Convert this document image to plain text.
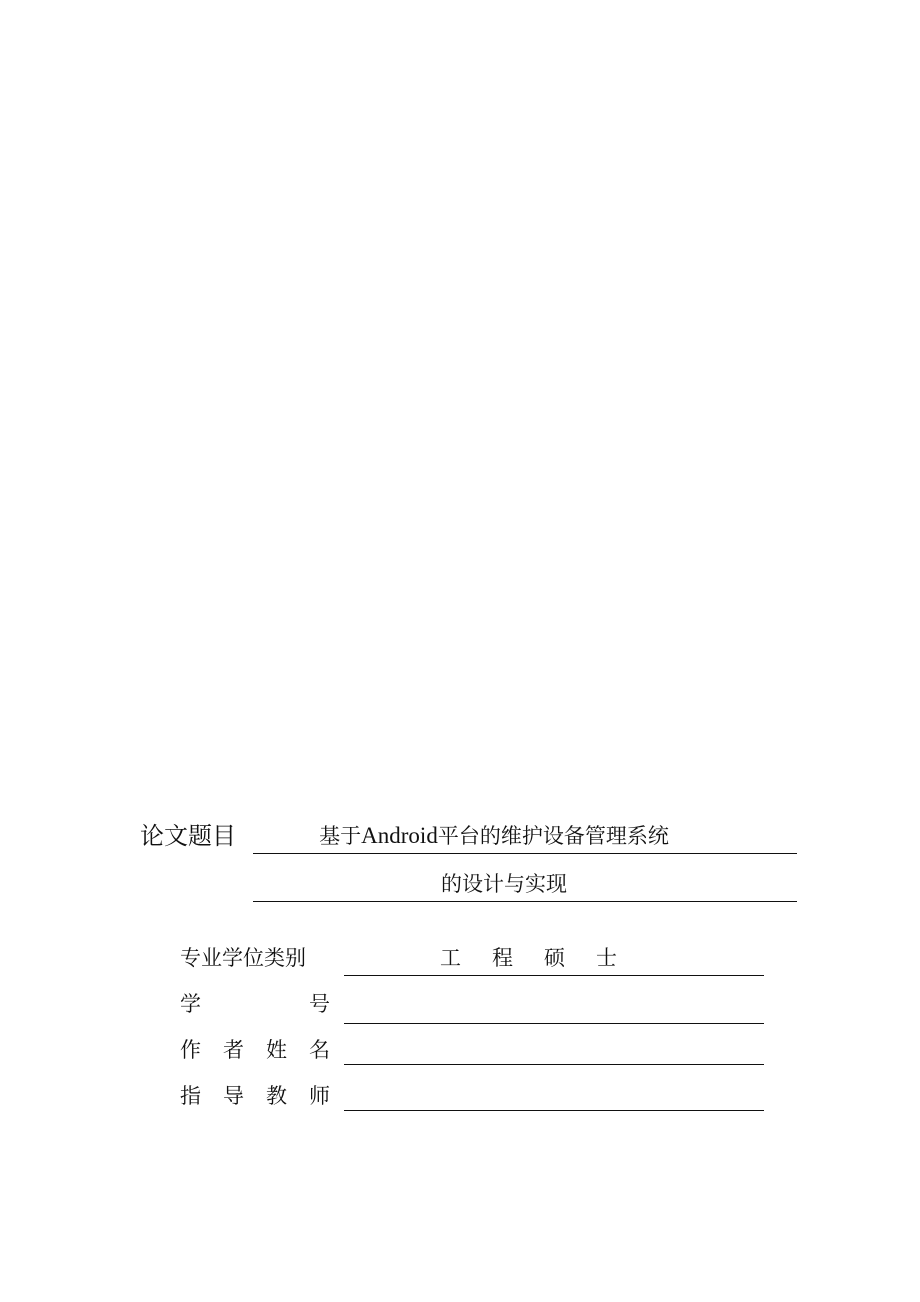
论文题目	基于Android平台的维护设备管理系统
的设计与实现
专业学位类别	工	程	硕	士
学	号
作 者 姓 名
指 导 教 师
